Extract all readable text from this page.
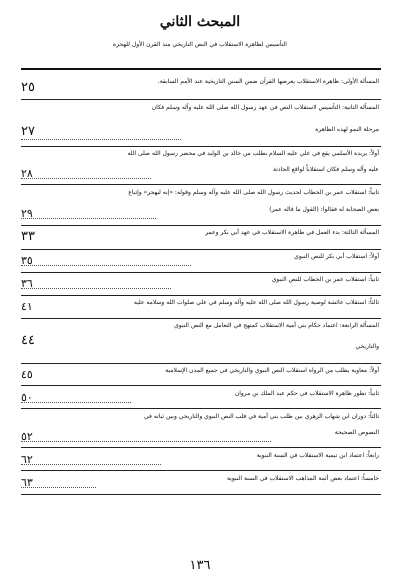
المبحث الثاني
التأسيس لظاهرة الاستقلاب في النص التاريخي منذ القرن الأول للهجرة
المسألة الأولى: ظاهرة الاستقلاب يعرضها القرآن ضمن السنن التاريخية عند الأمم السابقة.
٢٥
المسألة الثانية: التأسيس لاستقلاب النص في عهد رسول الله صلى الله عليه وآله وسلم فكان
مرحلة النمو لهذه الظاهرة
٢٧
أولاً: بريدة الأسلمي يقع في علي عليه السلام بطلب من خالد بن الوليد في محضر رسول الله صلى الله
عليه وآله وسلم فكان استقلاباً لواقع الحادثة
٢٨
ثانياً: استقلاب عمر بن الخطاب لحديث رسول الله صلى الله عليه وآله وسلم وقوله: «إنه ليهجر» وإتباع
بعض الصحابة له فقالوا: (القول ما قاله عمر)
٢٩
المسألة الثالثة: بدء العمل في ظاهرة الاستقلاب في عهد أبي بكر وعمر
٣٣
أولاً: استقلاب أبي بكر للنص النبوي
٣٥
ثانياً: استقلاب عمر بن الخطاب للنص النبوي
٣٦
ثالثاً: استقلاب عائشة لوصية رسول الله صلى الله عليه وآله وسلم في علي صلوات الله وسلامه عليه
٤١
المسألة الرابعة: اعتماد حكام بني أمية الاستقلاب كمنهج في التعامل مع النص النبوي
والتاريخي
٤٤
أولاً: معاوية يطلب من الرواة استقلاب النص النبوي والتاريخي في جميع المدن الإسلامية
٤٥
ثانياً: تطور ظاهرة الاستقلاب في حكم عبد الملك بن مروان
٥٠
ثالثاً: دوران ابن شهاب الزهري بين طلب بني أمية في قلب النص النبوي والتاريخي وبين ثباته في
النصوص الصحيحة
٥٢
رابعاً: اعتماد ابن تيمية الاستقلاب في السنة النبوية
٦٢
خامساً: اعتماد بعض أئمة المذاهب الاستقلاب في السنة النبوية
٦٣
١٣٦
